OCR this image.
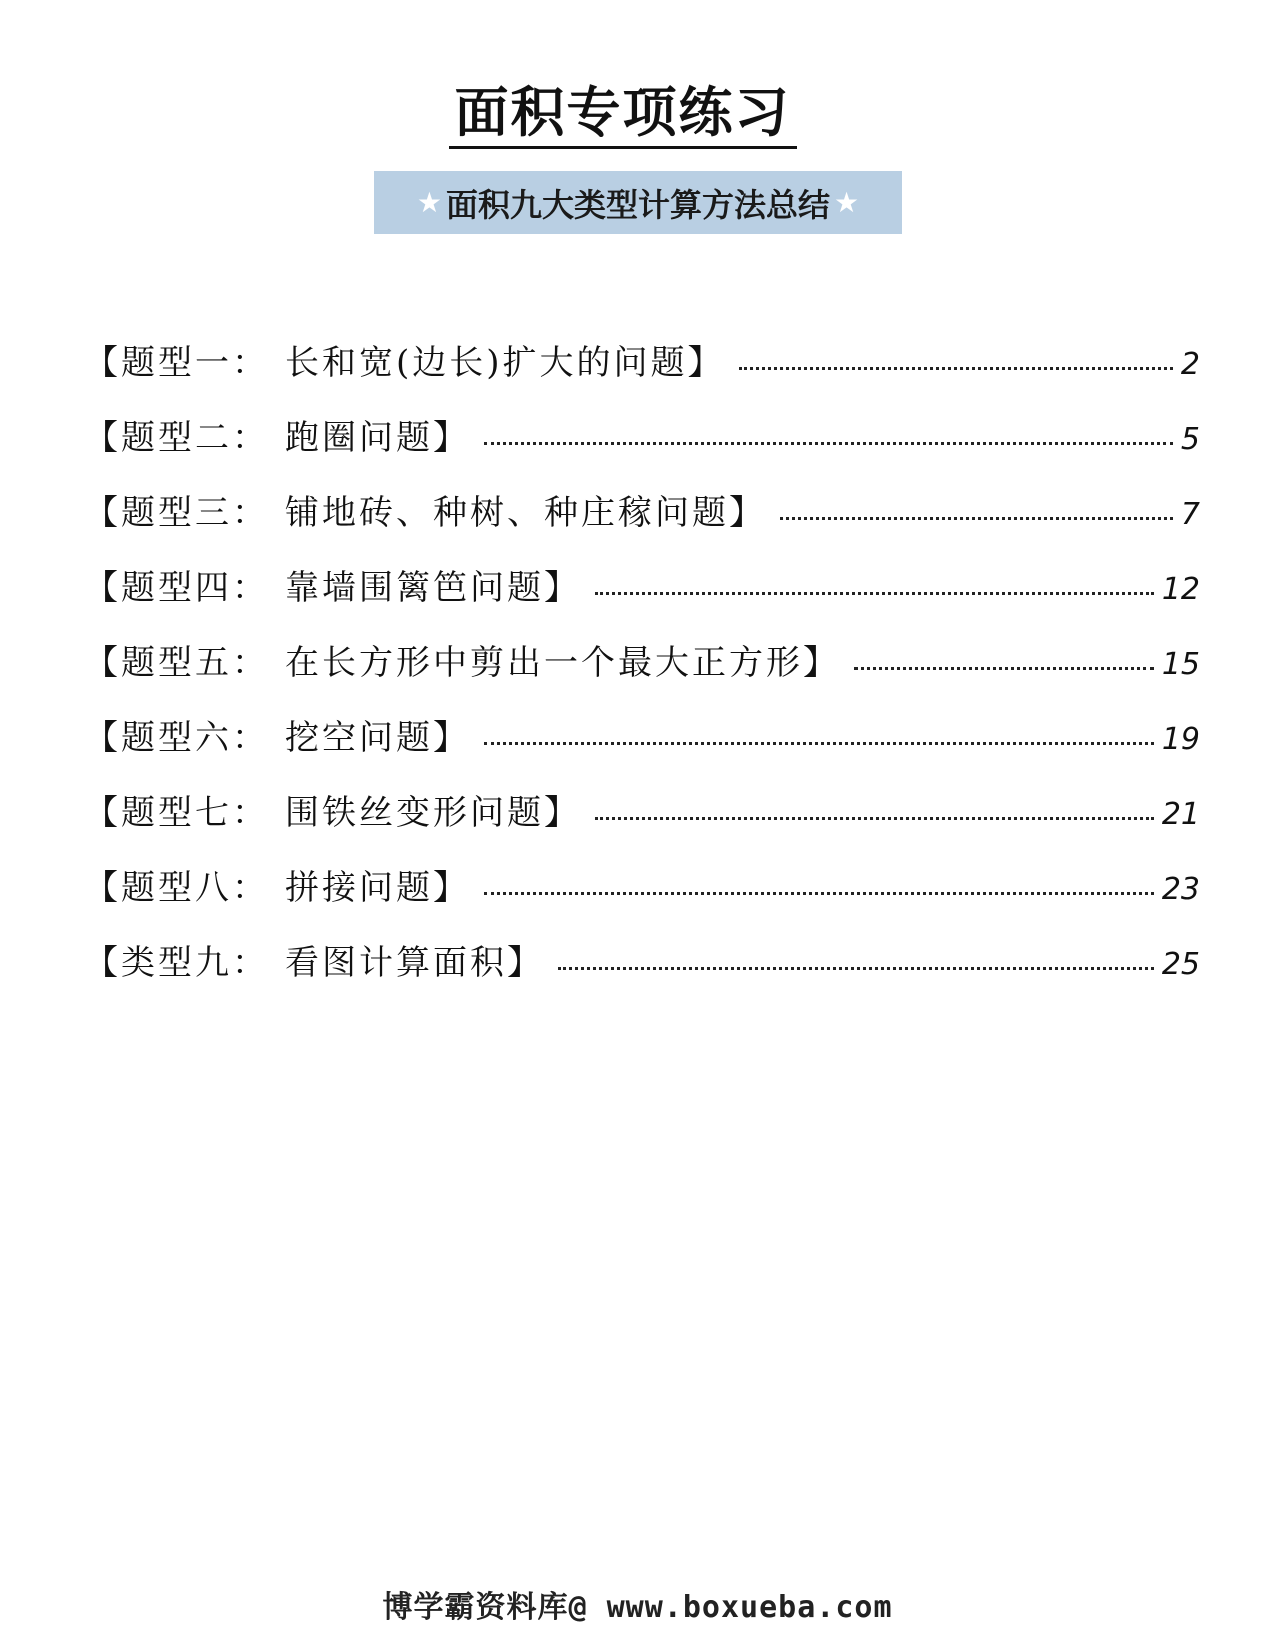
面积专项练习
★ 面积九大类型计算方法总结 ★
【题型一： 长和宽(边长)扩大的问题】	2
【题型二： 跑圈问题】	5
【题型三： 铺地砖、种树、种庄稼问题】	7
【题型四： 靠墙围篱笆问题】	12
【题型五： 在长方形中剪出一个最大正方形】	15
【题型六： 挖空问题】	19
【题型七： 围铁丝变形问题】	21
【题型八： 拼接问题】	23
【类型九： 看图计算面积】	25
博学霸资料库@ www.boxueba.com
